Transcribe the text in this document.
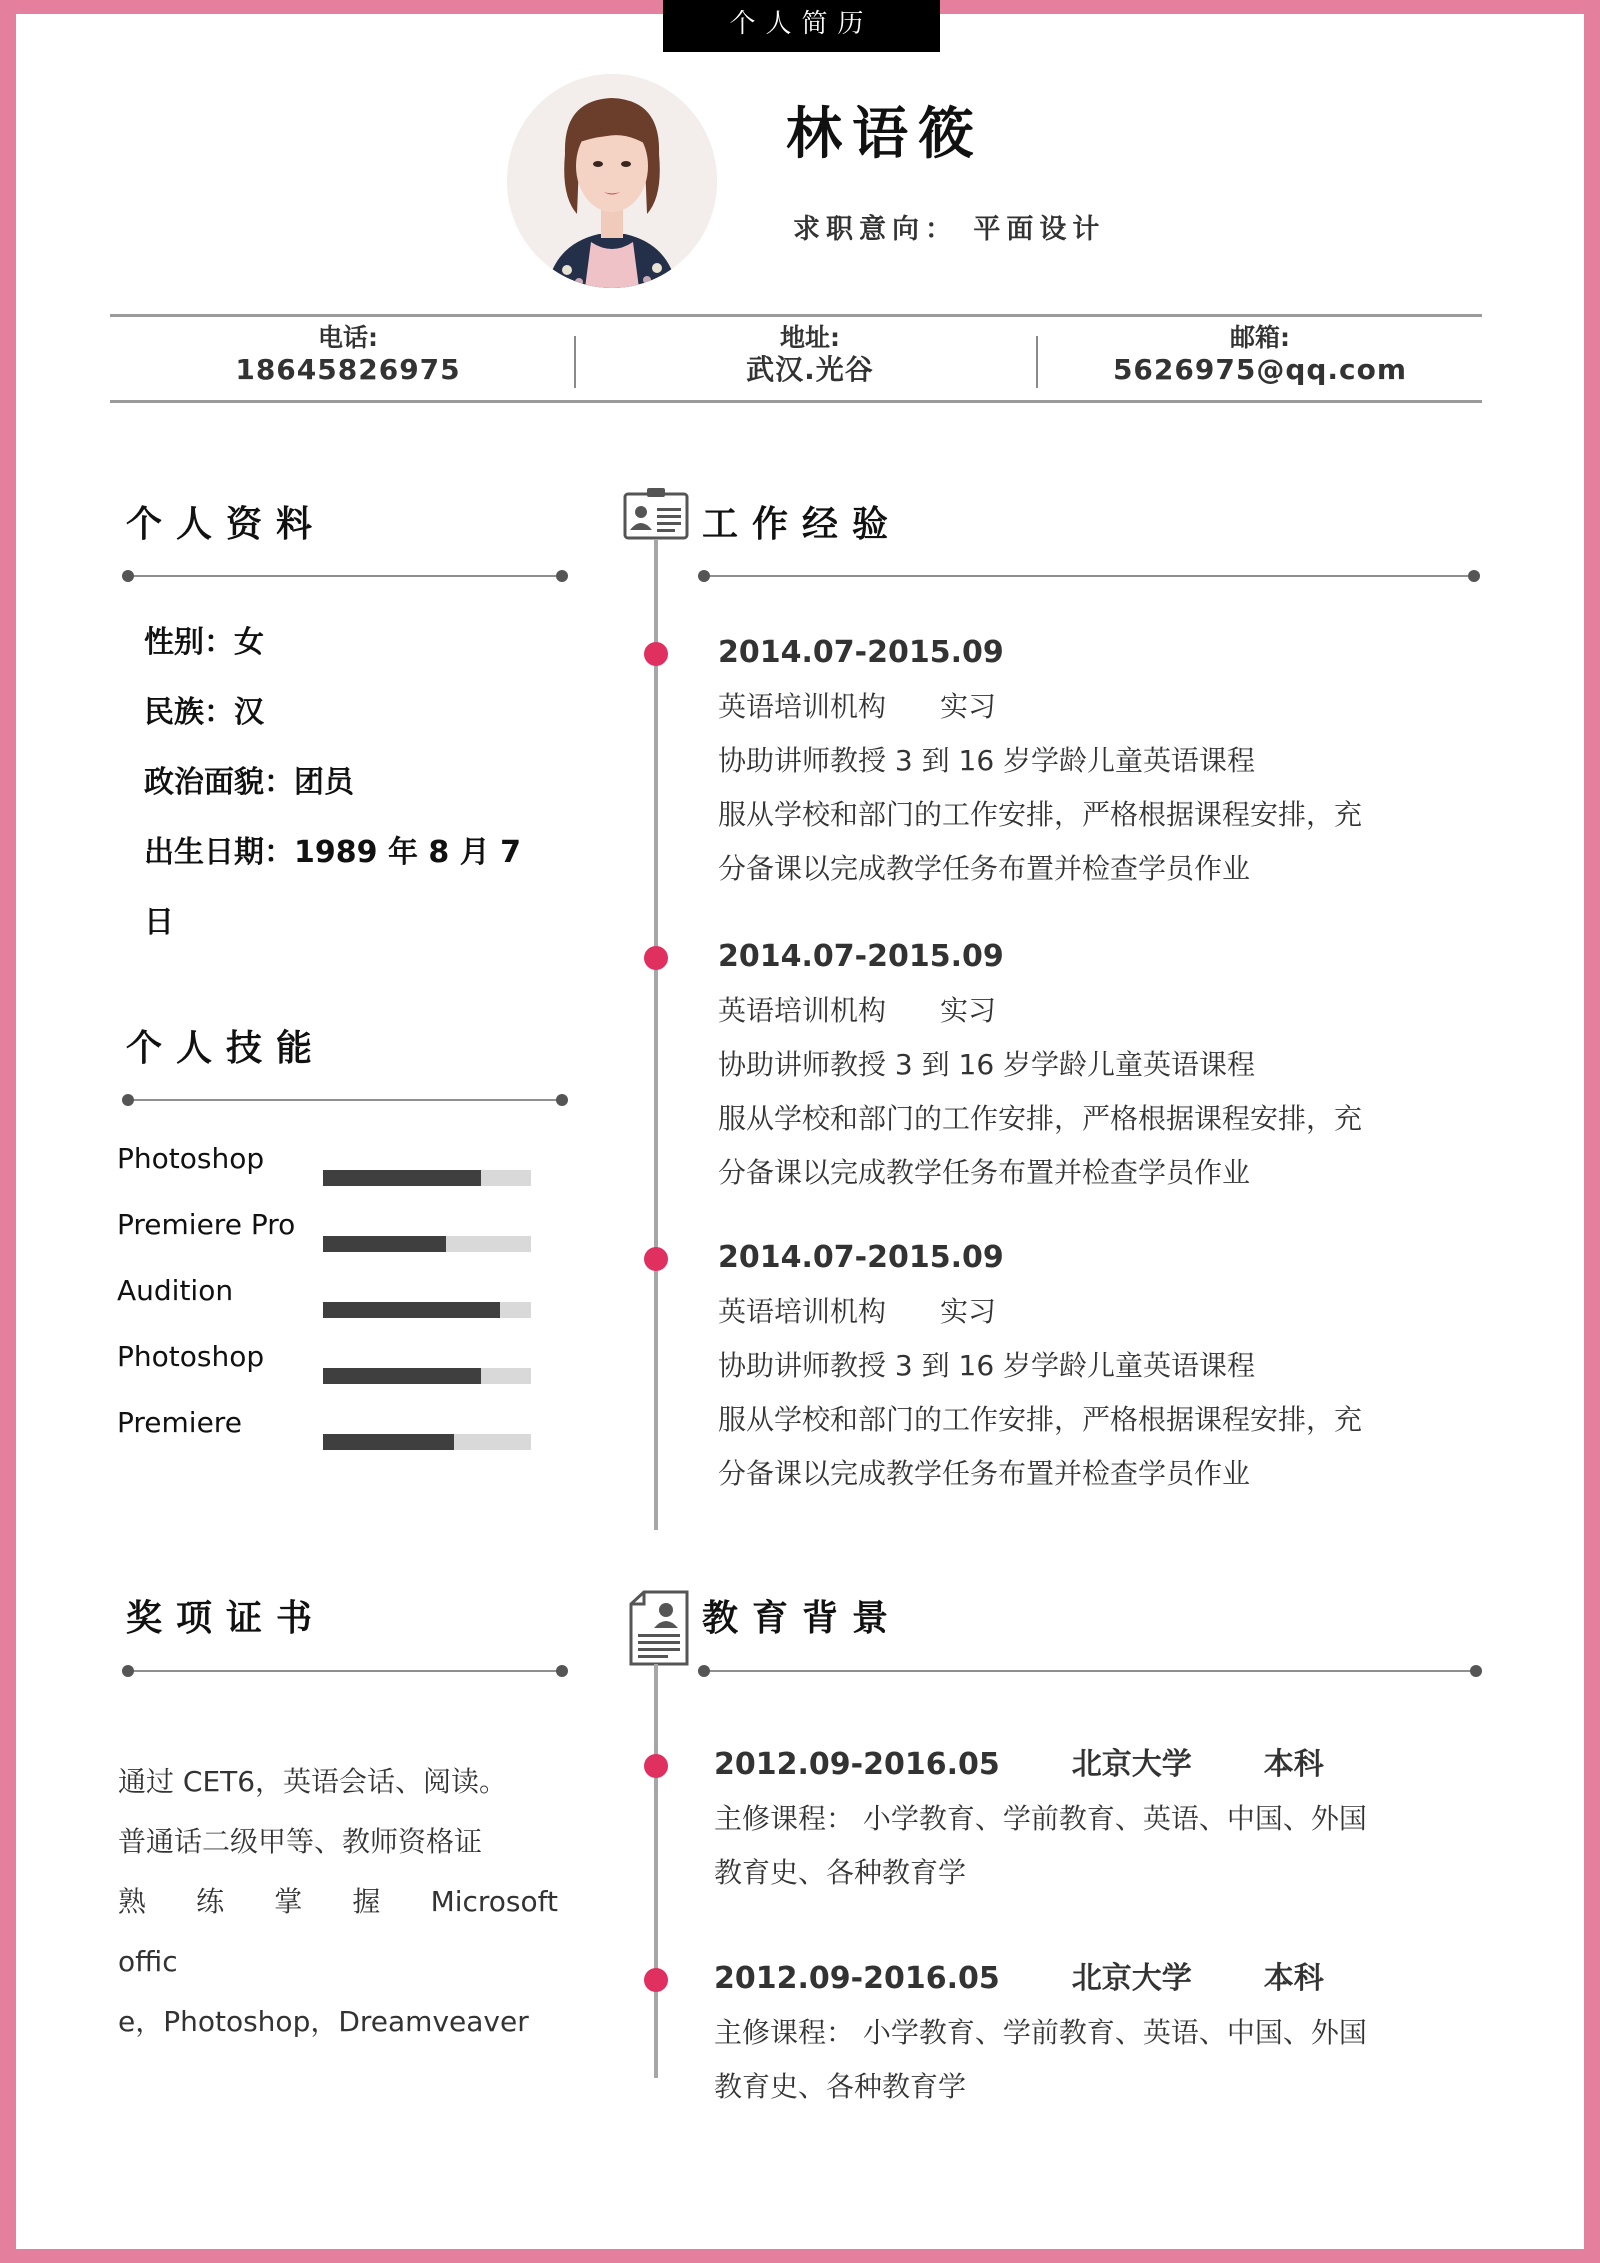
个人简历
林语筱
求职意向： 平面设计
电话:
18645826975
地址:
武汉.光谷
邮箱:
5626975@qq.com
个人资料
性别：女
民族：汉
政治面貌：团员
出生日期：1989 年 8 月 7
日
个人技能
Photoshop
Premiere Pro
Audition
Photoshop
Premiere
工作经验
2014.07-2015.09
英语培训机构 实习
协助讲师教授 3 到 16 岁学龄儿童英语课程
服从学校和部门的工作安排，严格根据课程安排，充
分备课以完成教学任务布置并检查学员作业
2014.07-2015.09
英语培训机构 实习
协助讲师教授 3 到 16 岁学龄儿童英语课程
服从学校和部门的工作安排，严格根据课程安排，充
分备课以完成教学任务布置并检查学员作业
2014.07-2015.09
英语培训机构 实习
协助讲师教授 3 到 16 岁学龄儿童英语课程
服从学校和部门的工作安排，严格根据课程安排，充
分备课以完成教学任务布置并检查学员作业
奖项证书
通过 CET6，英语会话、阅读。
普通话二级甲等、教师资格证
熟 练 掌 握 Microsoft
offic
e，Photoshop，Dreamveaver
教育背景
2012.09-2016.05 北京大学 本科
主修课程： 小学教育、学前教育、英语、中国、外国
教育史、各种教育学
2012.09-2016.05 北京大学 本科
主修课程： 小学教育、学前教育、英语、中国、外国
教育史、各种教育学
